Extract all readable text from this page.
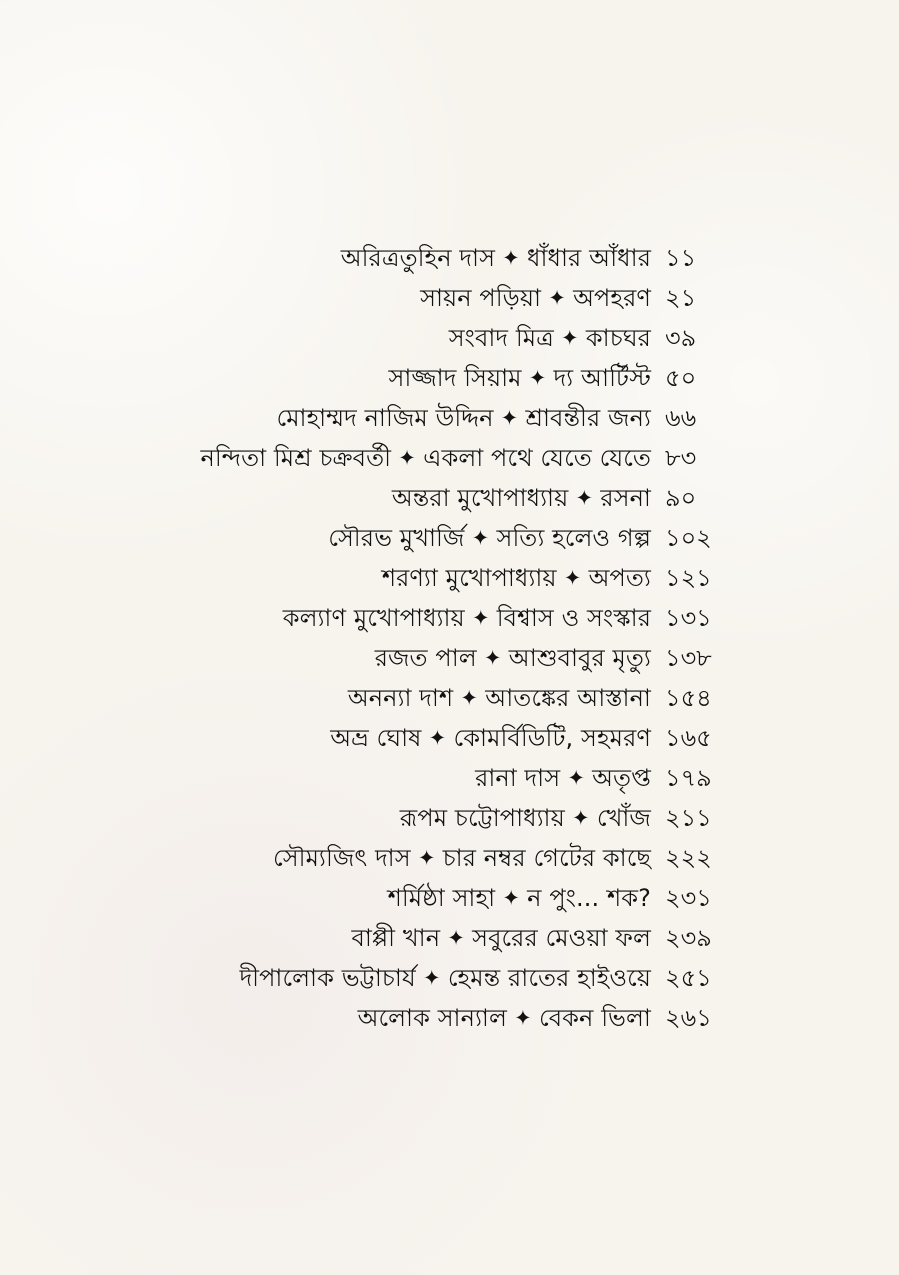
অরিত্রতুহিন দাস ✦ ধাঁধার আঁধার ১১
সায়ন পড়িয়া ✦ অপহরণ ২১
সংবাদ মিত্র ✦ কাচঘর ৩৯
সাজ্জাদ সিয়াম ✦ দ্য আর্টিস্ট ৫০
মোহাম্মদ নাজিম উদ্দিন ✦ শ্রাবন্তীর জন্য ৬৬
নন্দিতা মিশ্র চক্রবর্তী ✦ একলা পথে যেতে যেতে ৮৩
অন্তরা মুখোপাধ্যায় ✦ রসনা ৯০
সৌরভ মুখার্জি ✦ সত্যি হলেও গল্প ১০২
শরণ্যা মুখোপাধ্যায় ✦ অপত্য ১২১
কল্যাণ মুখোপাধ্যায় ✦ বিশ্বাস ও সংস্কার ১৩১
রজত পাল ✦ আশুবাবুর মৃত্যু ১৩৮
অনন্যা দাশ ✦ আতঙ্কের আস্তানা ১৫৪
অভ্র ঘোষ ✦ কোমর্বিডিটি, সহমরণ ১৬৫
রানা দাস ✦ অতৃপ্ত ১৭৯
রূপম চট্টোপাধ্যায় ✦ খোঁজ ২১১
সৌম্যজিৎ দাস ✦ চার নম্বর গেটের কাছে ২২২
শর্মিষ্ঠা সাহা ✦ ন পুং... শক? ২৩১
বাপ্পী খান ✦ সবুরের মেওয়া ফল ২৩৯
দীপালোক ভট্টাচার্য ✦ হেমন্ত রাতের হাইওয়ে ২৫১
অলোক সান্যাল ✦ বেকন ভিলা ২৬১
